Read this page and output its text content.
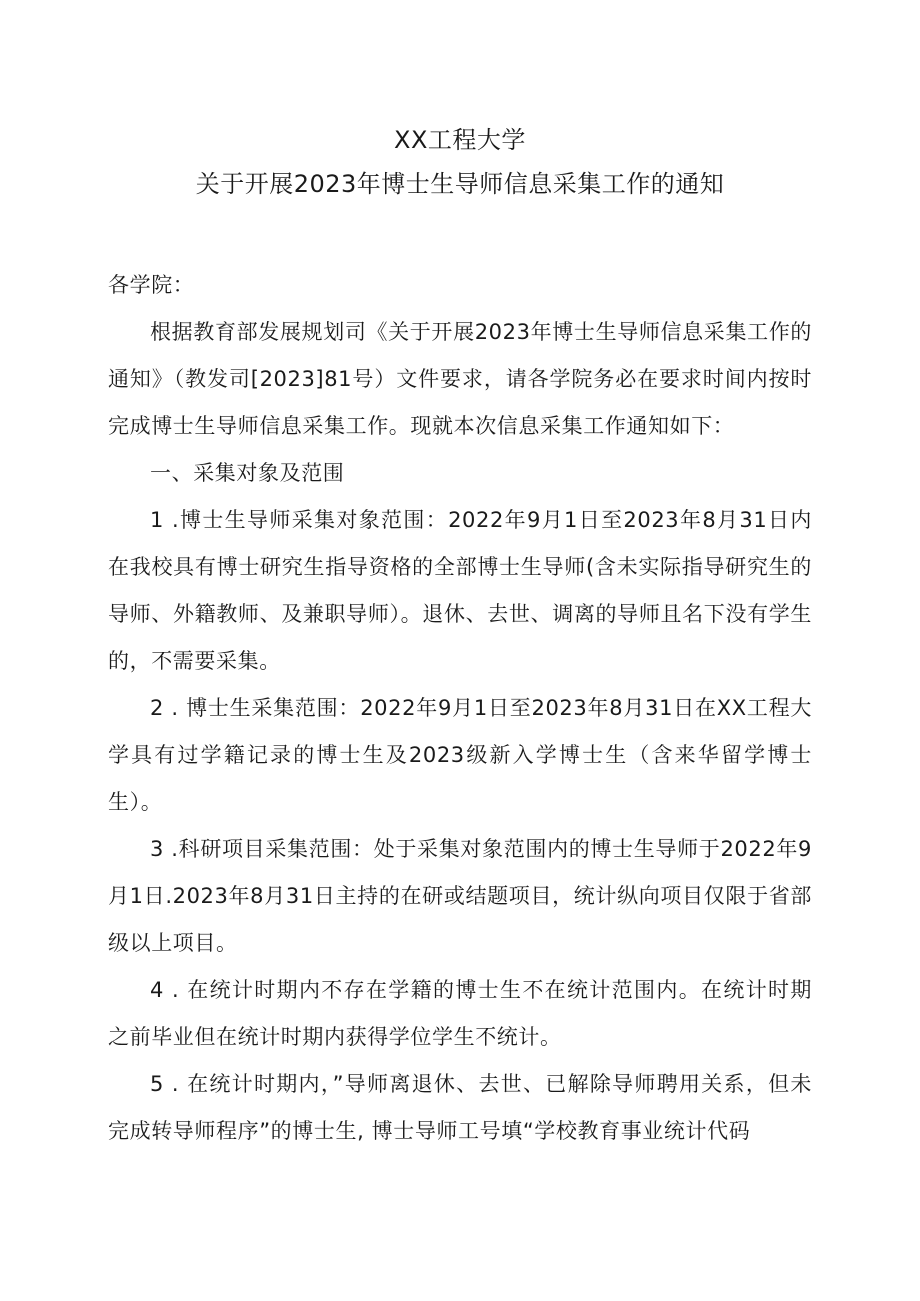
XX工程大学
关于开展2023年博士生导师信息采集工作的通知

各学院：

根据教育部发展规划司《关于开展2023年博士生导师信息采集工作的通知》（教发司[2023]81号）文件要求，请各学院务必在要求时间内按时完成博士生导师信息采集工作。现就本次信息采集工作通知如下：

一、采集对象及范围

1 .博士生导师采集对象范围：2022年9月1日至2023年8月31日内在我校具有博士研究生指导资格的全部博士生导师(含未实际指导研究生的导师、外籍教师、及兼职导师）。退休、去世、调离的导师且名下没有学生的，不需要采集。

2 . 博士生采集范围：2022年9月1日至2023年8月31日在XX工程大学具有过学籍记录的博士生及2023级新入学博士生（含来华留学博士生）。

3 .科研项目采集范围：处于采集对象范围内的博士生导师于2022年9月1日.2023年8月31日主持的在研或结题项目，统计纵向项目仅限于省部级以上项目。

4 . 在统计时期内不存在学籍的博士生不在统计范围内。在统计时期之前毕业但在统计时期内获得学位学生不统计。

5 . 在统计时期内，”导师离退休、去世、已解除导师聘用关系，但未完成转导师程序”的博士生, 博士导师工号填“学校教育事业统计代码
